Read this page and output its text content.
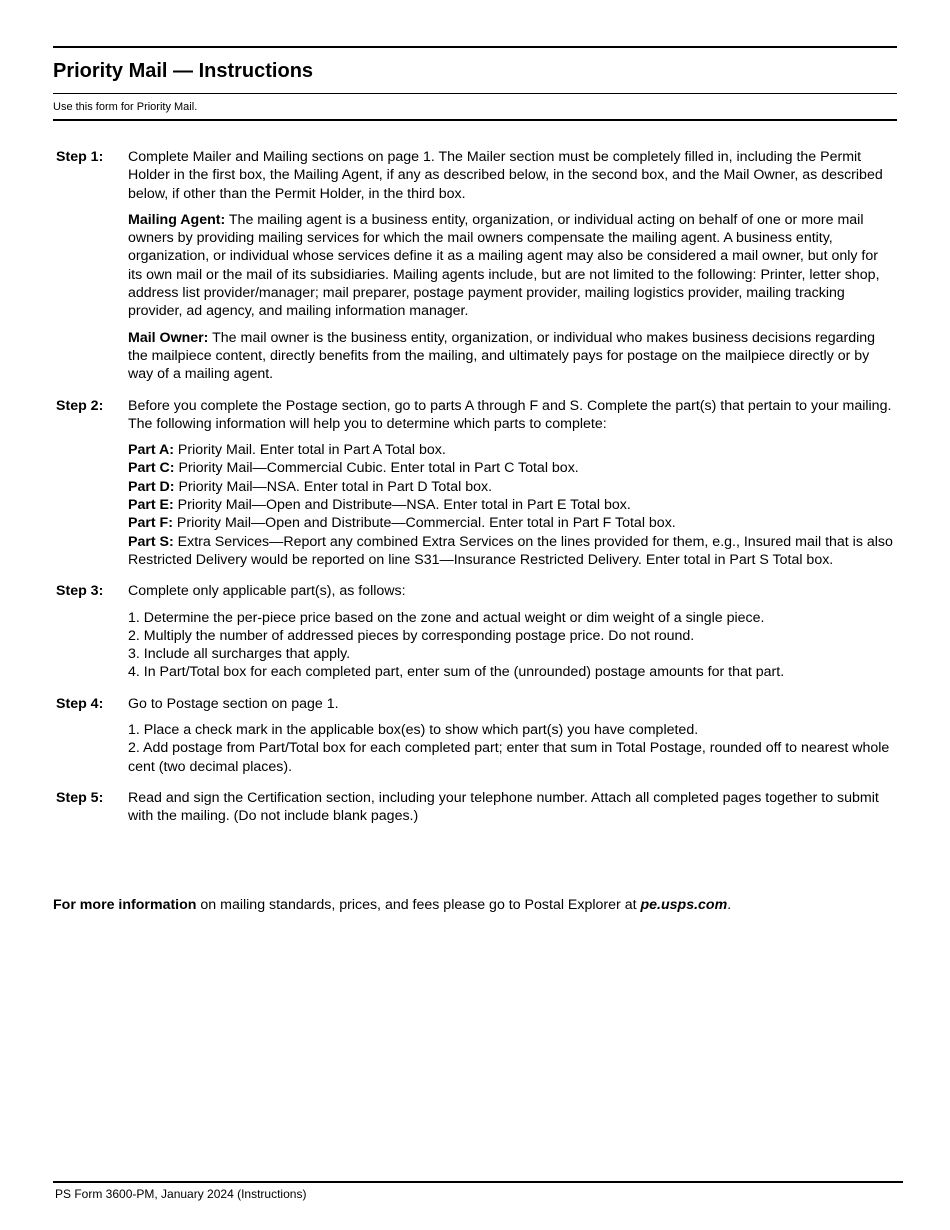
Priority Mail — Instructions
Use this form for Priority Mail.
Step 1:	Complete Mailer and Mailing sections on page 1. The Mailer section must be completely filled in, including the Permit Holder in the first box, the Mailing Agent, if any as described below, in the second box, and the Mail Owner, as described below, if other than the Permit Holder, in the third box.

Mailing Agent: The mailing agent is a business entity, organization, or individual acting on behalf of one or more mail owners by providing mailing services for which the mail owners compensate the mailing agent. A business entity, organization, or individual whose services define it as a mailing agent may also be considered a mail owner, but only for its own mail or the mail of its subsidiaries. Mailing agents include, but are not limited to the following: Printer, letter shop, address list provider/manager; mail preparer, postage payment provider, mailing logistics provider, mailing tracking provider, ad agency, and mailing information manager.

Mail Owner: The mail owner is the business entity, organization, or individual who makes business decisions regarding the mailpiece content, directly benefits from the mailing, and ultimately pays for postage on the mailpiece directly or by way of a mailing agent.

Step 2:	Before you complete the Postage section, go to parts A through F and S. Complete the part(s) that pertain to your mailing. The following information will help you to determine which parts to complete:

Part A: Priority Mail. Enter total in Part A Total box.
Part C: Priority Mail—Commercial Cubic. Enter total in Part C Total box.
Part D: Priority Mail—NSA. Enter total in Part D Total box.
Part E: Priority Mail—Open and Distribute—NSA. Enter total in Part E Total box.
Part F: Priority Mail—Open and Distribute—Commercial. Enter total in Part F Total box.
Part S: Extra Services—Report any combined Extra Services on the lines provided for them, e.g., Insured mail that is also Restricted Delivery would be reported on line S31—Insurance Restricted Delivery. Enter total in Part S Total box.
Step 3:	Complete only applicable part(s), as follows:

1. Determine the per-piece price based on the zone and actual weight or dim weight of a single piece.
2. Multiply the number of addressed pieces by corresponding postage price. Do not round.
3. Include all surcharges that apply.
4. In Part/Total box for each completed part, enter sum of the (unrounded) postage amounts for that part.
Step 4:	Go to Postage section on page 1.

1. Place a check mark in the applicable box(es) to show which part(s) you have completed.
2. Add postage from Part/Total box for each completed part; enter that sum in Total Postage, rounded off to nearest whole cent (two decimal places).
Step 5:	Read and sign the Certification section, including your telephone number. Attach all completed pages together to submit with the mailing. (Do not include blank pages.)

For more information on mailing standards, prices, and fees please go to Postal Explorer at pe.usps.com.
PS Form 3600-PM, January 2024 (Instructions)
